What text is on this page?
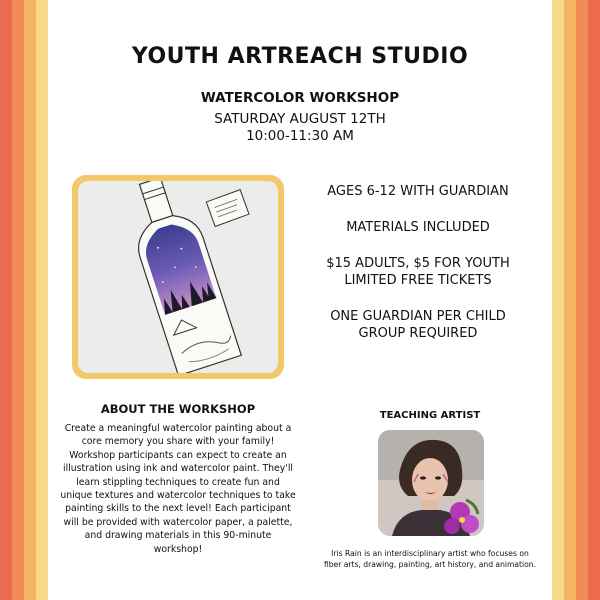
YOUTH ARTREACH STUDIO
WATERCOLOR WORKSHOP
SATURDAY AUGUST 12TH
10:00-11:30 AM

AGES 6-12 WITH GUARDIAN

MATERIALS INCLUDED

$15 ADULTS, $5 FOR YOUTH
LIMITED FREE TICKETS

ONE GUARDIAN PER CHILD
GROUP REQUIRED

ABOUT THE WORKSHOP
Create a meaningful watercolor painting about a core memory you share with your family! Workshop participants can expect to create an illustration using ink and watercolor paint. They'll learn stippling techniques to create fun and unique textures and watercolor techniques to take painting skills to the next level! Each participant will be provided with watercolor paper, a palette, and drawing materials in this 90-minute workshop!
TEACHING ARTIST
Iris Rain is an interdisciplinary artist who focuses on fiber arts, drawing, painting, art history, and animation.
